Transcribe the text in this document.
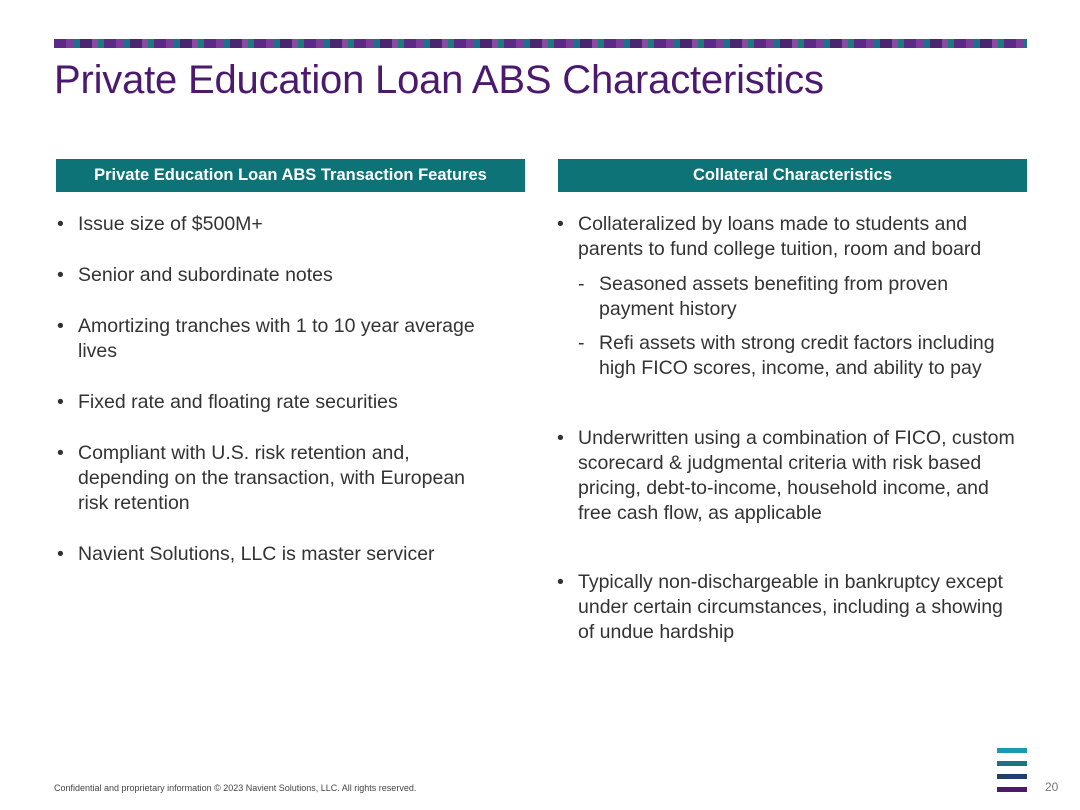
Private Education Loan ABS Characteristics
Private Education Loan ABS Transaction Features	Collateral Characteristics
• Issue size of $500M+
• Senior and subordinate notes
• Amortizing tranches with 1 to 10 year average lives
• Fixed rate and floating rate securities
• Compliant with U.S. risk retention and, depending on the transaction, with European risk retention
• Navient Solutions, LLC is master servicer
• Collateralized by loans made to students and parents to fund college tuition, room and board
- Seasoned assets benefiting from proven payment history
- Refi assets with strong credit factors including high FICO scores, income, and ability to pay
• Underwritten using a combination of FICO, custom scorecard & judgmental criteria with risk based pricing, debt-to-income, household income, and free cash flow, as applicable
• Typically non-dischargeable in bankruptcy except under certain circumstances, including a showing of undue hardship
Confidential and proprietary information © 2023 Navient Solutions, LLC. All rights reserved.	20
